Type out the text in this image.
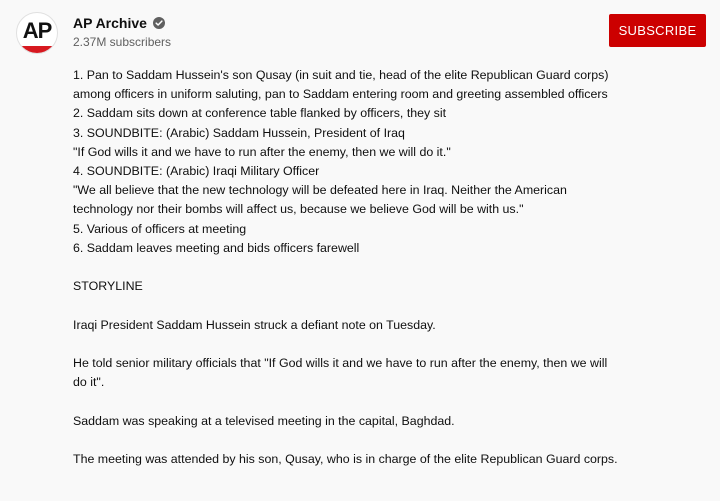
AP AP Archive
2.37M subscribers
SUBSCRIBE
1. Pan to Saddam Hussein's son Qusay (in suit and tie, head of the elite Republican Guard corps)
among officers in uniform saluting, pan to Saddam entering room and greeting assembled officers
2. Saddam sits down at conference table flanked by officers, they sit
3. SOUNDBITE: (Arabic) Saddam Hussein, President of Iraq
"If God wills it and we have to run after the enemy, then we will do it."
4. SOUNDBITE: (Arabic) Iraqi Military Officer
"We all believe that the new technology will be defeated here in Iraq. Neither the American
technology nor their bombs will affect us, because we believe God will be with us."
5. Various of officers at meeting
6. Saddam leaves meeting and bids officers farewell
STORYLINE
Iraqi President Saddam Hussein struck a defiant note on Tuesday.
He told senior military officials that "If God wills it and we have to run after the enemy, then we will
do it".
Saddam was speaking at a televised meeting in the capital, Baghdad.
The meeting was attended by his son, Qusay, who is in charge of the elite Republican Guard corps.
